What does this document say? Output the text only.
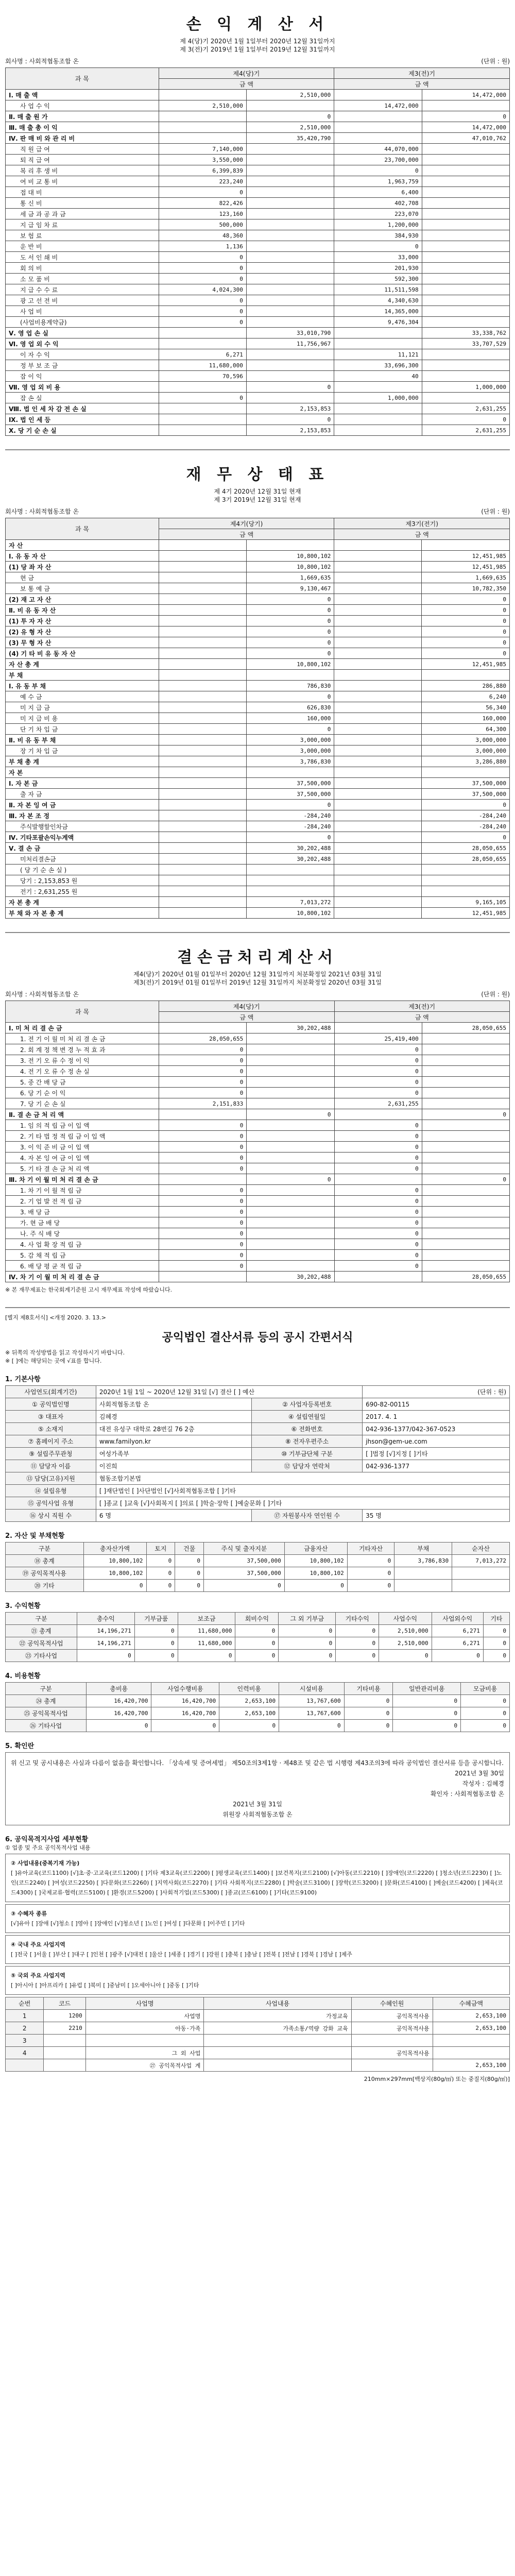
손 익 계 산 서
제 4(당)기 2020년 1월 1일부터 2020년 12월 31일까지
제 3(전)기 2019년 1월 1일부터 2019년 12월 31일까지
회사명 : 사회적협동조합 온	(단위 : 원)
과 목	제4(당)기		제3(전)기	
	금 액		금 액	
Ⅰ. 매 출 액		2,510,000		14,472,000
사 업 수 익	2,510,000		14,472,000	
Ⅱ. 매 출 원 가		0		0
Ⅲ. 매 출 총 이 익		2,510,000		14,472,000
Ⅳ. 판 매 비 와 관 리 비		35,420,790		47,010,762
직 원 급 여	7,140,000		44,070,000	
퇴 직 급 여	3,550,000		23,700,000	
복 리 후 생 비	6,399,839		0	
여 비 교 통 비	223,240		1,963,759	
접 대 비	0		6,400	
통 신 비	822,426		402,708	
세 금 과 공 과 금	123,160		223,070	
지 급 임 차 료	500,000		1,200,000	
보 험 료	48,360		384,930	
운 반 비	1,136		0	
도 서 인 쇄 비	0		33,000	
회 의 비	0		201,930	
소 모 품 비	0		592,300	
지 급 수 수 료	4,024,300		11,511,598	
광 고 선 전 비	0		4,340,630	
사 업 비	0		14,365,000	
(사업비용계약금)	0		9,476,304	
Ⅴ. 영 업 손 실		33,010,790		33,338,762
Ⅵ. 영 업 외 수 익		11,756,967		33,707,529
이 자 수 익	6,271		11,121	
정 부 보 조 금	11,680,000		33,696,300	
잡 이 익	70,596		40	
Ⅶ. 영 업 외 비 용		0		1,000,000
잡 손 실	0		1,000,000	
Ⅷ. 법 인 세 차 감 전 손 실		2,153,853		2,631,255
Ⅸ. 법 인 세 등		0		0
Ⅹ. 당 기 순 손 실		2,153,853		2,631,255
재 무 상 태 표
제 4기 2020년 12월 31일 현재
제 3기 2019년 12월 31일 현재
회사명 : 사회적협동조합 온	(단위 : 원)
과 목	제4기(당기)		제3기(전기)	
	금 액		금 액	
자 산				
Ⅰ. 유 동 자 산		10,800,102		12,451,985
(1) 당 좌 자 산		10,800,102		12,451,985
현 금		1,669,635		1,669,635
보 통 예 금		9,130,467		10,782,350
(2) 재 고 자 산		0		0
Ⅱ. 비 유 동 자 산		0		0
(1) 투 자 자 산		0		0
(2) 유 형 자 산		0		0
(3) 무 형 자 산		0		0
(4) 기 타 비 유 동 자 산		0		0
자 산 총 계		10,800,102		12,451,985
부 채				
Ⅰ. 유 동 부 채		786,830		286,880
예 수 금		0		6,240
미 지 급 금		626,830		56,340
미 지 급 비 용		160,000		160,000
단 기 차 입 금		0		64,300
Ⅱ. 비 유 동 부 채		3,000,000		3,000,000
장 기 차 입 금		3,000,000		3,000,000
부 채 총 계		3,786,830		3,286,880
자 본				
Ⅰ. 자 본 금		37,500,000		37,500,000
출 자 금		37,500,000		37,500,000
Ⅱ. 자 본 잉 여 금		0		0
Ⅲ. 자 본 조 정		-284,240		-284,240
주식발행할인차금		-284,240		-284,240
Ⅳ. 기타포괄손익누계액		0		0
Ⅴ. 결 손 금		30,202,488		28,050,655
미처리결손금		30,202,488		28,050,655
( 당 기 순 손 실 )				
당기 : 2,153,853 원				
전기 : 2,631,255 원				
자 본 총 계		7,013,272		9,165,105
부 채 와 자 본 총 계		10,800,102		12,451,985
결손금처리계산서
제4(당)기 2020년 01월 01일부터 2020년 12월 31일까지 처분확정일 2021년 03월 31일
제3(전)기 2019년 01월 01일부터 2019년 12월 31일까지 처분확정일 2020년 03월 31일
회사명 : 사회적협동조합 온	(단위 : 원)
과 목	제4(당)기		제3(전)기	
	금 액		금 액	
Ⅰ. 미 처 리 결 손 금		30,202,488		28,050,655
1. 전 기 이 월 미 처 리 결 손 금	28,050,655		25,419,400	
2. 회 계 정 책 변 경 누 적 효 과	0		0	
3. 전 기 오 류 수 정 이 익	0		0	
4. 전 기 오 류 수 정 손 실	0		0	
5. 중 간 배 당 금	0		0	
6. 당 기 순 이 익	0		0	
7. 당 기 순 손 실	2,151,833		2,631,255	
Ⅱ. 결 손 금 처 리 액		0		0
1. 임 의 적 립 금 이 입 액	0		0	
2. 기 타 법 정 적 립 금 이 입 액	0		0	
3. 이 익 준 비 금 이 입 액	0		0	
4. 자 본 잉 여 금 이 입 액	0		0	
5. 기 타 결 손 금 처 리 액	0		0	
Ⅲ. 차 기 이 월 미 처 리 결 손 금		0		0
1. 차 기 이 월 적 립 금	0		0	
2. 기 업 발 전 적 립 금	0		0	
3. 배 당 금	0		0	
가. 현 금 배 당	0		0	
나. 주 식 배 당	0		0	
4. 사 업 확 장 적 립 금	0		0	
5. 감 채 적 립 금	0		0	
6. 배 당 평 균 적 립 금	0		0	
Ⅳ. 차 기 이 월 미 처 리 결 손 금		30,202,488		28,050,655
※ 본 재무제표는 한국회계기준원 고시 재무제표 작성에 따랐습니다.
[별지 제8호서식] <개정 2020. 3. 13.>
공익법인 결산서류 등의 공시 간편서식
※ 뒤쪽의 작성방법을 읽고 작성하시기 바랍니다.
※ [ ]에는 해당되는 곳에 √표를 합니다.
1. 기본사항
사업연도(회계기간)	2020년 1월 1일 ~ 2020년 12월 31일 [√] 결산 [ ] 예산		(단위 : 원)
① 공익법인명	사회적협동조합 온	② 사업자등록번호	690-82-00115
③ 대표자	김혜경	④ 설립연월일	2017. 4. 1
⑤ 소재지	대전 유성구 대학로 28번길 76 2층	⑥ 전화번호	042-936-1377/042-367-0523
⑦ 홈페이지 주소	www.familyon.kr	⑧ 전자우편주소	jhson@gem-ue.com
⑨ 설립주무관청	여성가족부	⑩ 기부금단체 구분	[ ]법정 [√]지정 [ ]기타
⑪ 담당자 이름	이진희	⑫ 담당자 연락처	042-936-1377
⑬ 담당(고유)지원	협동조합기본법		
⑭ 설립유형	[ ]재단법인 [ ]사단법인 [√]사회적협동조합 [ ]기타		
⑮ 공익사업 유형	[ ]종교 [ ]교육 [√]사회복지 [ ]의료 [ ]학술·장학 [ ]예술문화 [ ]기타		
⑯ 상시 직원 수	6 명	⑰ 자원봉사자 연인원 수	35 명
2. 자산 및 부채현황
구분	총자산가액	토지	건물	주식 및 출자지분	금융자산	기타자산	부채	순자산
⑱ 총계	10,800,102	0	0	37,500,000	10,800,102	0	3,786,830	7,013,272
⑲ 공익목적사용	10,800,102	0	0	37,500,000	10,800,102	0		
⑳ 기타	0	0	0	0	0	0		
3. 수익현황
구분	총수익	기부금품	보조금	회비수익	그 외 기부금	기타수익	사업수익	사업외수익	기타
㉑ 총계	14,196,271	0	11,680,000	0	0	0	2,510,000	6,271	0
㉒ 공익목적사업	14,196,271	0	11,680,000	0	0	0	2,510,000	6,271	0
㉓ 기타사업	0	0	0	0	0	0	0	0	0
4. 비용현황
구분	총비용	사업수행비용	인력비용	시설비용	기타비용	일반관리비용	모금비용
㉔ 총계	16,420,700	16,420,700	2,653,100	13,767,600	0	0	0
㉕ 공익목적사업	16,420,700	16,420,700	2,653,100	13,767,600	0	0	0
㉖ 기타사업	0	0	0	0	0	0	0
5. 확인란
위 신고 및 공시내용은 사실과 다름이 없음을 확인합니다. 「상속세 및 증여세법」 제50조의3제1항 · 제48조 및 같은 법 시행령 제43조의3에 따라 공익법인 결산서류 등을 공시합니다.
2021년 3월 30일
작성자 : 김혜경
확인자 : 사회적협동조합 온
2021년 3월 31일
위원장 사회적협동조합 온
6. 공익목적지사업 세부현황
① 업종 및 주요 공익목적사업 내용
② 사업내용(중복기재 가능)
[ ]유아교육(코드1100) [√]초·중·고교육(코드1200) [ ]기타 제3교육(코드2200) [ ]평생교육(코드1400) [ ]보건복지(코드2100) [√]아동(코드2210) [ ]장애인(코드2220) [ ]청소년(코드2230) [ ]노인(코드2240) [ ]여성(코드2250) [ ]다문화(코드2260) [ ]지역사회(코드2270) [ ]기타 사회복지(코드2280) [ ]학술(코드3100) [ ]장학(코드3200) [ ]문화(코드4100) [ ]예술(코드4200) [ ]체육(코드4300) [ ]국제교류·협력(코드5100) [ ]환경(코드5200) [ ]사회적기업(코드5300) [ ]종교(코드6100) [ ]기타(코드9100)
③ 수혜자 종류
[√]유아 [ ]장애 [√]청소 [ ]영아 [ ]장애인 [√]청소년 [ ]노인 [ ]여성 [ ]다문화 [ ]이주민 [ ]기타
④ 국내 주요 사업지역
[ ]전국 [ ]서울 [ ]부산 [ ]대구 [ ]인천 [ ]광주 [√]대전 [ ]울산 [ ]세종 [ ]경기 [ ]강원 [ ]충북 [ ]충남 [ ]전북 [ ]전남 [ ]경북 [ ]경남 [ ]제주
⑤ 국외 주요 사업지역
[ ]아시아 [ ]아프리카 [ ]유럽 [ ]북미 [ ]중남미 [ ]오세아니아 [ ]중동 [ ]기타
순번	코드	사업명	사업내용	수혜인원	수혜금액
1	1200	사업명	가정교육	공익목적사용	2,653,100
2	2210	아동·가족	가족소통/역량 강화 교육	공익목적사용	2,653,100
3					
4		그 외 사업		공익목적사용	
		㉗ 공익목적사업 계			2,653,100
210mm×297mm[백상지(80g/㎡) 또는 중질지(80g/㎡)]
